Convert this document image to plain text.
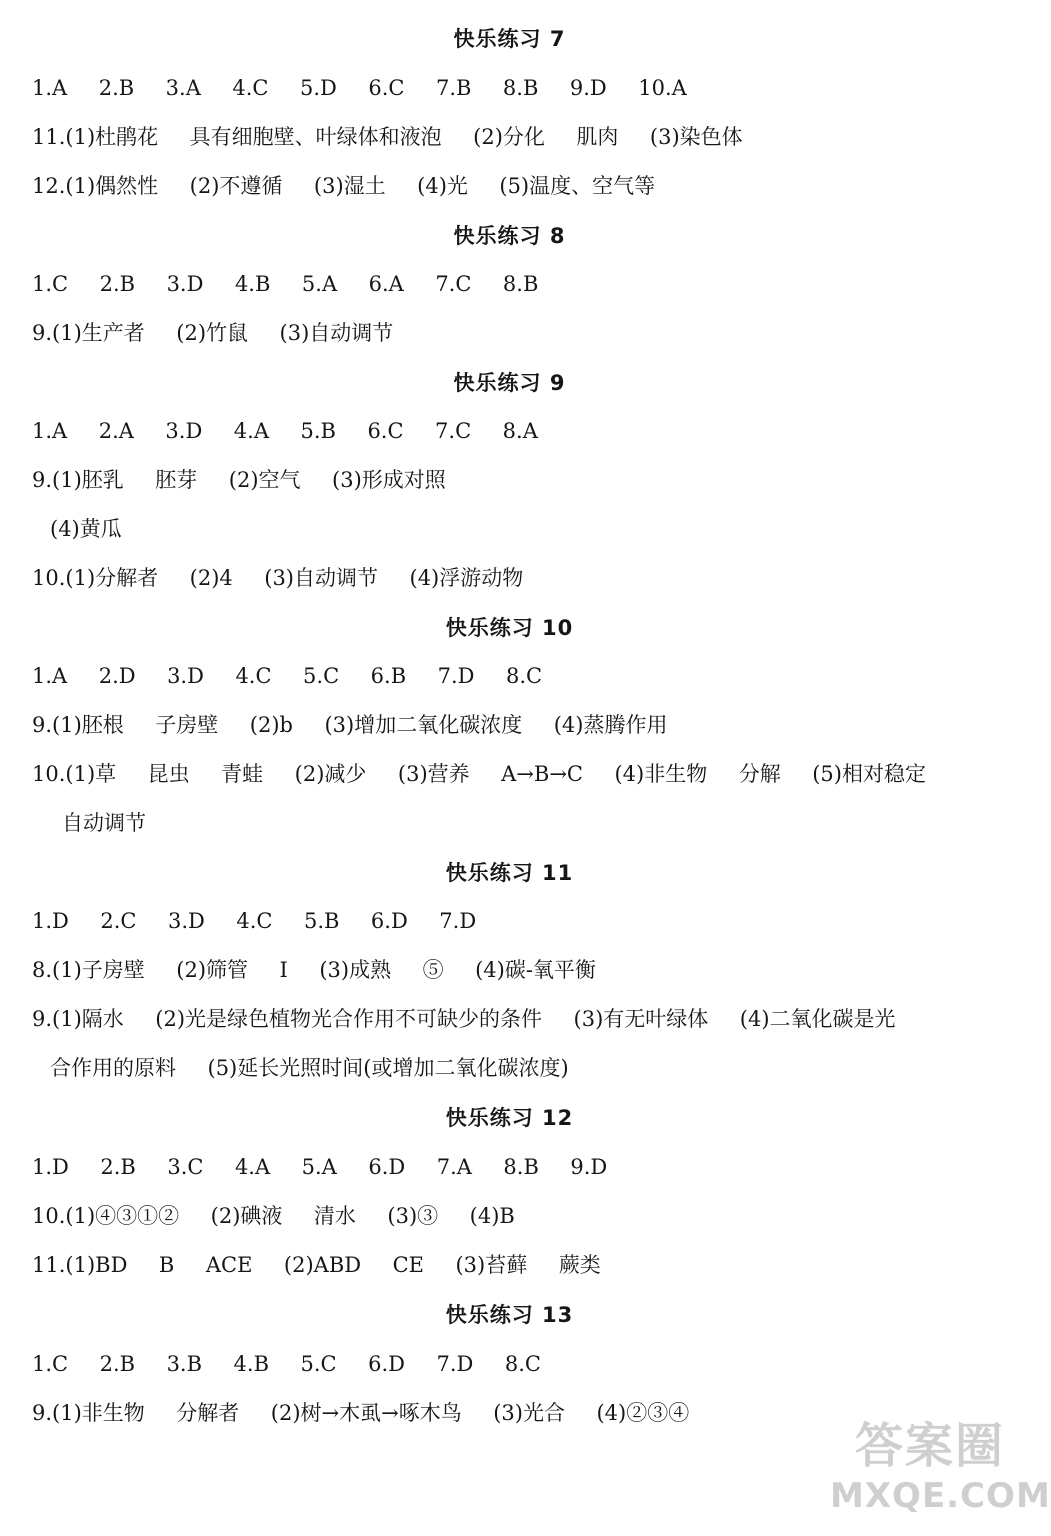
快乐练习 7
1.A  2.B  3.A  4.C  5.D  6.C  7.B  8.B  9.D  10.A
11.(1)杜鹃花  具有细胞壁、叶绿体和液泡  (2)分化  肌肉  (3)染色体
12.(1)偶然性  (2)不遵循  (3)湿土  (4)光  (5)温度、空气等
快乐练习 8
1.C  2.B  3.D  4.B  5.A  6.A  7.C  8.B
9.(1)生产者  (2)竹鼠  (3)自动调节
快乐练习 9
1.A  2.A  3.D  4.A  5.B  6.C  7.C  8.A
9.(1)胚乳  胚芽  (2)空气  (3)形成对照
(4)黄瓜
10.(1)分解者  (2)4  (3)自动调节  (4)浮游动物
快乐练习 10
1.A  2.D  3.D  4.C  5.C  6.B  7.D  8.C
9.(1)胚根  子房壁  (2)b  (3)增加二氧化碳浓度  (4)蒸腾作用
10.(1)草  昆虫  青蛙  (2)减少  (3)营养  A→B→C  (4)非生物  分解  (5)相对稳定
自动调节
快乐练习 11
1.D  2.C  3.D  4.C  5.B  6.D  7.D
8.(1)子房壁  (2)筛管  Ⅰ  (3)成熟  ⑤  (4)碳-氧平衡
9.(1)隔水  (2)光是绿色植物光合作用不可缺少的条件  (3)有无叶绿体  (4)二氧化碳是光
合作用的原料  (5)延长光照时间(或增加二氧化碳浓度)
快乐练习 12
1.D  2.B  3.C  4.A  5.A  6.D  7.A  8.B  9.D
10.(1)④③①②  (2)碘液  清水  (3)③  (4)B
11.(1)BD  B  ACE  (2)ABD  CE  (3)苔藓  蕨类
快乐练习 13
1.C  2.B  3.B  4.B  5.C  6.D  7.D  8.C
9.(1)非生物  分解者  (2)树→木虱→啄木鸟  (3)光合  (4)②③④
答案圈
MXQE.COM
